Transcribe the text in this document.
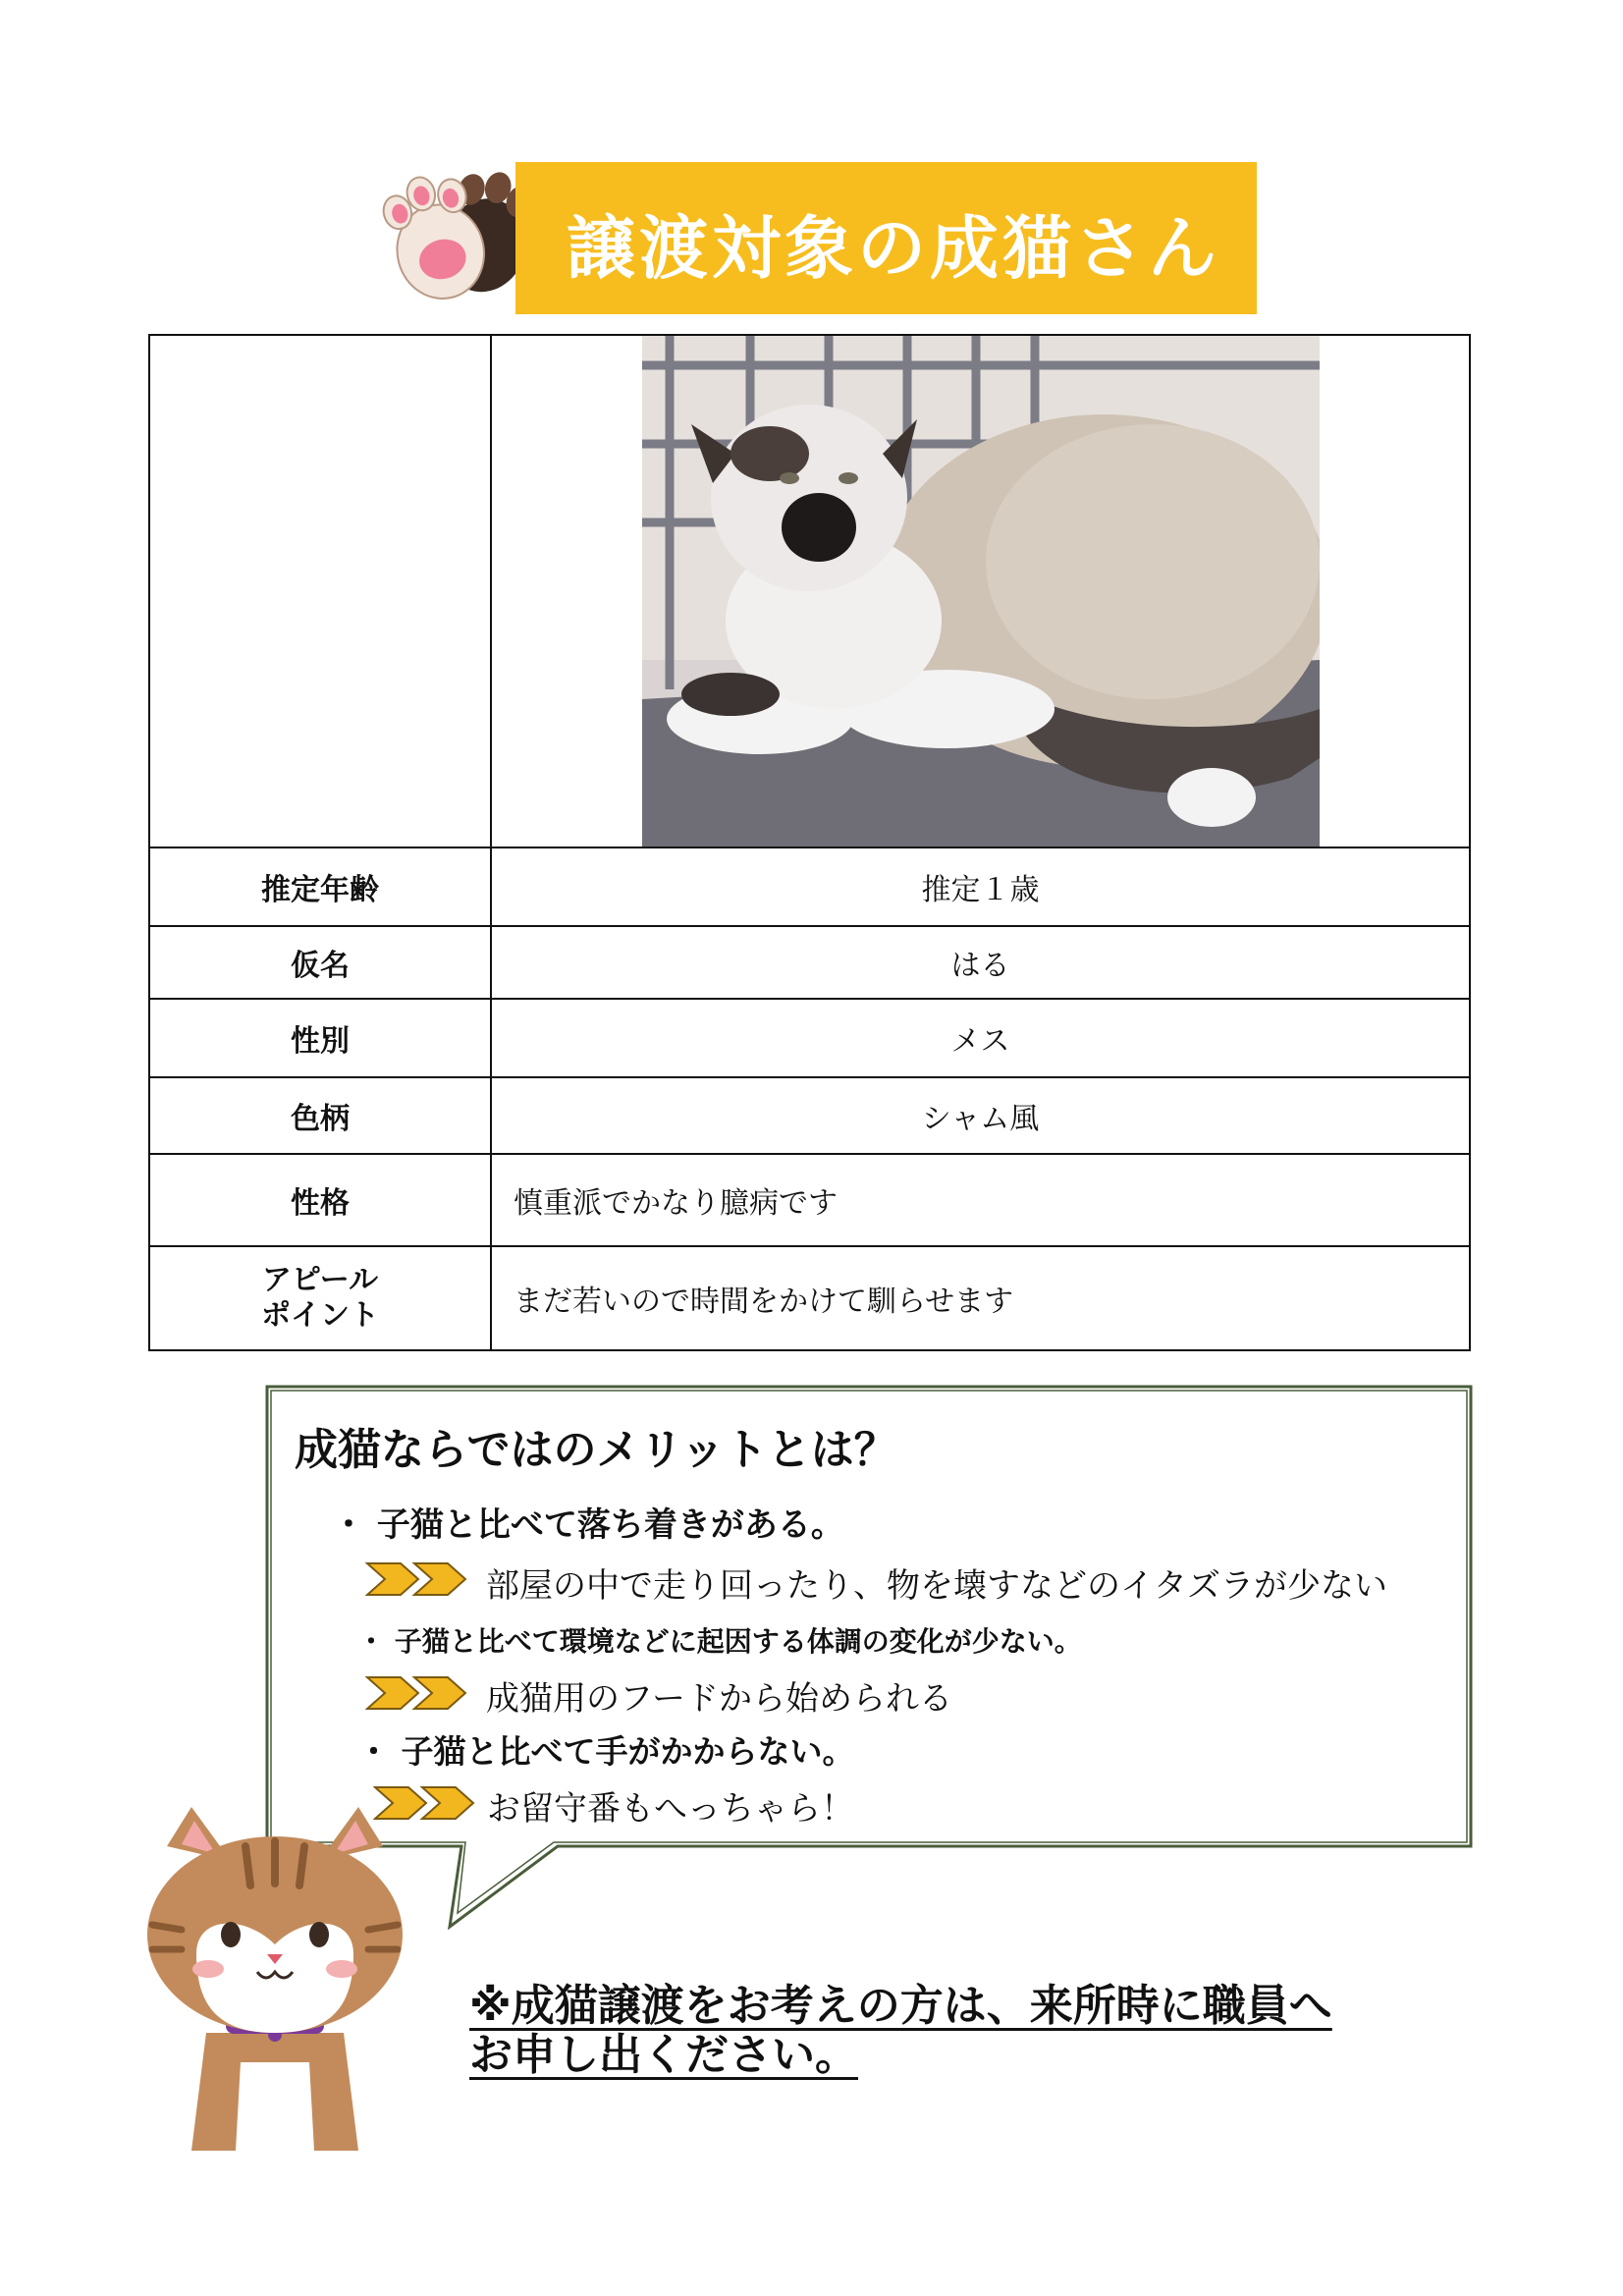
譲渡対象の成猫さん

推定年齢	推定１歳
仮名	はる
性別	メス
色柄	シャム風
性格	慎重派でかなり臆病です

アピール
ポイント	まだ若いので時間をかけて馴らせます
成猫ならではのメリットとは？
・ 子猫と比べて落ち着きがある。
部屋の中で走り回ったり、物を壊すなどのイタズラが少ない
・ 子猫と比べて環境などに起因する体調の変化が少ない。
成猫用のフードから始められる
・ 子猫と比べて手がかからない。
お留守番もへっちゃら！
※成猫譲渡をお考えの方は、来所時に職員へ
お申し出ください。
